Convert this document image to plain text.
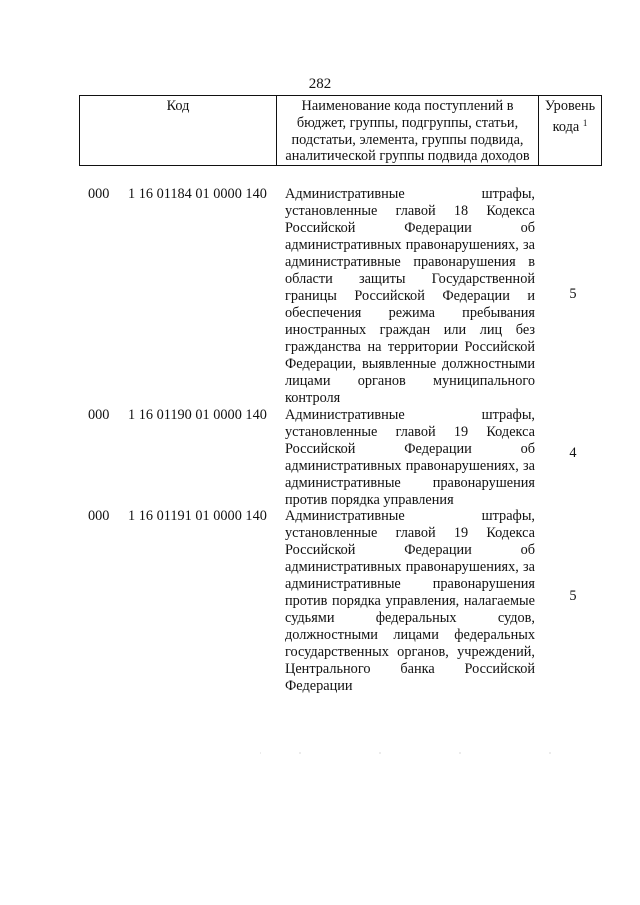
282
Код	Наименование кода поступлений в
бюджет, группы, подгруппы, статьи,
подстатьи, элемента, группы подвида,
аналитической группы подвида доходов
Уровень
кода $^1$
000 1 16 01184 01 0000 140 Административные штрафы,
установленные главой 18 Кодекса
Российской Федерации об
административных правонарушениях, за
административные правонарушения в
области защиты Государственной
границы Российской Федерации и
обеспечения режима пребывания
иностранных граждан или лиц без
гражданства на территории Российской
Федерации, выявленные должностными
лицами органов муниципального
контроля
5
000 1 16 01190 01 0000 140 Административные штрафы,
установленные главой 19 Кодекса
Российской Федерации об
административных правонарушениях, за
административные правонарушения
против порядка управления
4
000 1 16 01191 01 0000 140 Административные штрафы,
установленные главой 19 Кодекса
Российской Федерации об
административных правонарушениях, за
административные правонарушения
против порядка управления, налагаемые
судьями федеральных судов,
должностными лицами федеральных
государственных органов, учреждений,
Центрального банка Российской
Федерации
5
